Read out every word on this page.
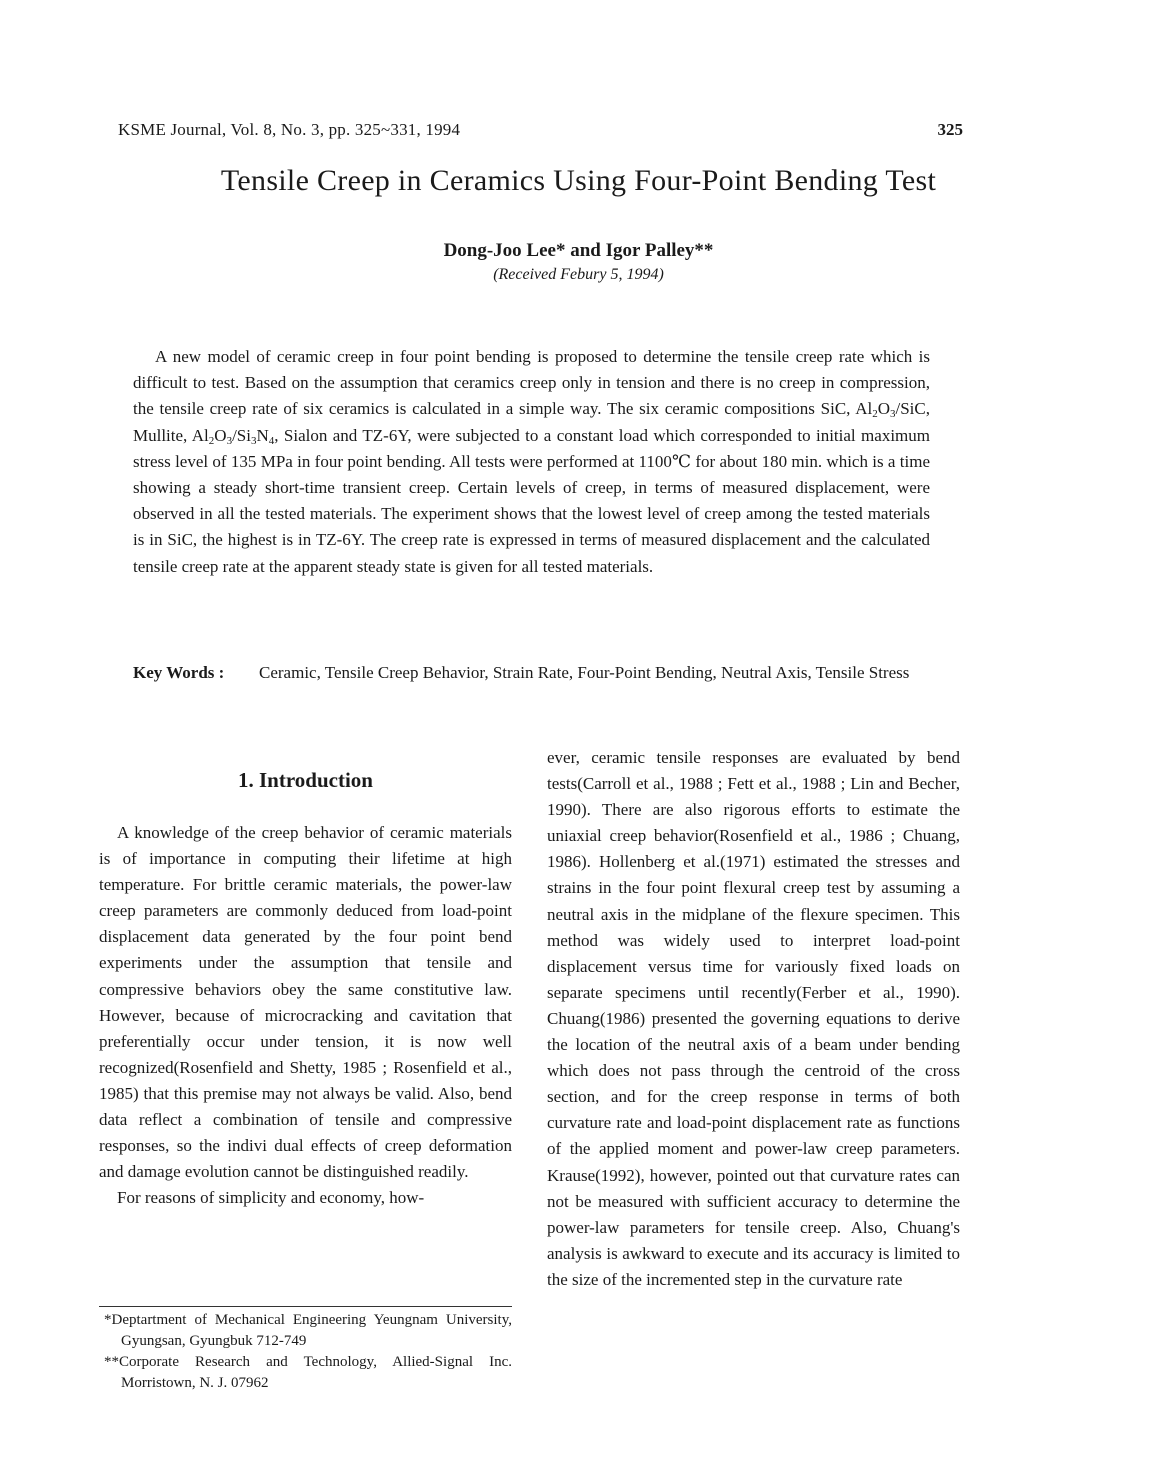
KSME Journal, Vol. 8, No. 3, pp. 325~331, 1994	325
Tensile Creep in Ceramics Using Four-Point Bending Test
Dong-Joo Lee* and Igor Palley**
(Received Febury 5, 1994)

A new model of ceramic creep in four point bending is proposed to determine the tensile creep rate which is difficult to test. Based on the assumption that ceramics creep only in tension and there is no creep in compression, the tensile creep rate of six ceramics is calculated in a simple way. The six ceramic compositions SiC, $Al_2O_3$/SiC, Mullite, $Al_2O_3/Si_3N_4$, Sialon and TZ-6Y, were subjected to a constant load which corresponded to initial maximum stress level of 135 MPa in four point bending. All tests were performed at 1100℃ for about 180 min. which is a time showing a steady short-time transient creep. Certain levels of creep, in terms of measured displacement, were observed in all the tested materials. The experiment shows that the lowest level of creep among the tested materials is in SiC, the highest is in TZ-6Y. The creep rate is expressed in terms of measured displacement and the calculated tensile creep rate at the apparent steady state is given for all tested materials.

Key Words : Ceramic, Tensile Creep Behavior, Strain Rate, Four-Point Bending, Neutral Axis, Tensile Stress
1. Introduction

A knowledge of the creep behavior of ceramic materials is of importance in computing their lifetime at high temperature. For brittle ceramic materials, the power-law creep parameters are commonly deduced from load-point displacement data generated by the four point bend experiments under the assumption that tensile and compressive behaviors obey the same constitutive law. However, because of microcracking and cavitation that preferentially occur under tension, it is now well recognized(Rosenfield and Shetty, 1985 ; Rosenfield et al., 1985) that this premise may not always be valid. Also, bend data reflect a combination of tensile and compressive responses, so the indivi dual effects of creep deformation and damage evolution cannot be distinguished readily.

For reasons of simplicity and economy, how-

*Deptartment of Mechanical Engineering Yeungnam University, Gyungsan, Gyungbuk 712-749

**Corporate Research and Technology, Allied-Signal Inc. Morristown, N. J. 07962

ever, ceramic tensile responses are evaluated by bend tests(Carroll et al., 1988 ; Fett et al., 1988 ; Lin and Becher, 1990). There are also rigorous efforts to estimate the uniaxial creep behavior(Rosenfield et al., 1986 ; Chuang, 1986). Hollenberg et al.(1971) estimated the stresses and strains in the four point flexural creep test by assuming a neutral axis in the midplane of the flexure specimen. This method was widely used to interpret load-point displacement versus time for variously fixed loads on separate specimens until recently(Ferber et al., 1990). Chuang(1986) presented the governing equations to derive the location of the neutral axis of a beam under bending which does not pass through the centroid of the cross section, and for the creep response in terms of both curvature rate and load-point displacement rate as functions of the applied moment and power-law creep parameters. Krause(1992), however, pointed out that curvature rates can not be measured with sufficient accuracy to determine the power-law parameters for tensile creep. Also, Chuang's analysis is awkward to execute and its accuracy is limited to the size of the incremented step in the curvature rate
